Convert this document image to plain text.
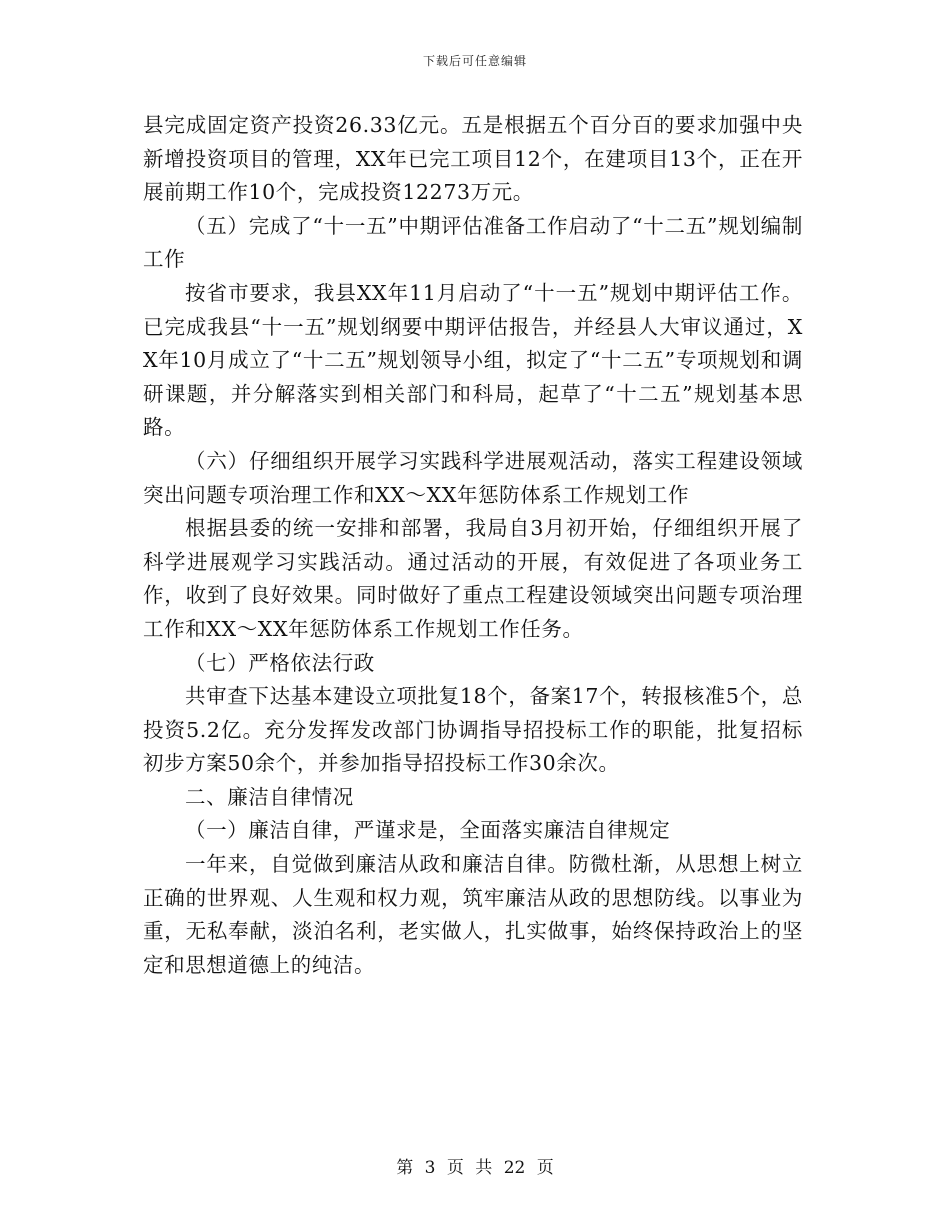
下载后可任意编辑

县完成固定资产投资26.33亿元。五是根据五个百分百的要求加强中央新增投资项目的管理，XX年已完工项目12个，在建项目13个，正在开展前期工作10个，完成投资12273万元。

（五）完成了“十一五”中期评估准备工作启动了“十二五”规划编制工作

按省市要求，我县XX年11月启动了“十一五”规划中期评估工作。已完成我县“十一五”规划纲要中期评估报告，并经县人大审议通过，XX年10月成立了“十二五”规划领导小组，拟定了“十二五”专项规划和调研课题，并分解落实到相关部门和科局，起草了“十二五”规划基本思路。

（六）仔细组织开展学习实践科学进展观活动，落实工程建设领域突出问题专项治理工作和XX～XX年惩防体系工作规划工作

根据县委的统一安排和部署，我局自3月初开始，仔细组织开展了科学进展观学习实践活动。通过活动的开展，有效促进了各项业务工作，收到了良好效果。同时做好了重点工程建设领域突出问题专项治理工作和XX～XX年惩防体系工作规划工作任务。

（七）严格依法行政

共审查下达基本建设立项批复18个，备案17个，转报核准5个，总投资5.2亿。充分发挥发改部门协调指导招投标工作的职能，批复招标初步方案50余个，并参加指导招投标工作30余次。

二、廉洁自律情况

（一）廉洁自律，严谨求是，全面落实廉洁自律规定

一年来，自觉做到廉洁从政和廉洁自律。防微杜渐，从思想上树立正确的世界观、人生观和权力观，筑牢廉洁从政的思想防线。以事业为重，无私奉献，淡泊名利，老实做人，扎实做事，始终保持政治上的坚定和思想道德上的纯洁。

第 3 页 共 22 页
